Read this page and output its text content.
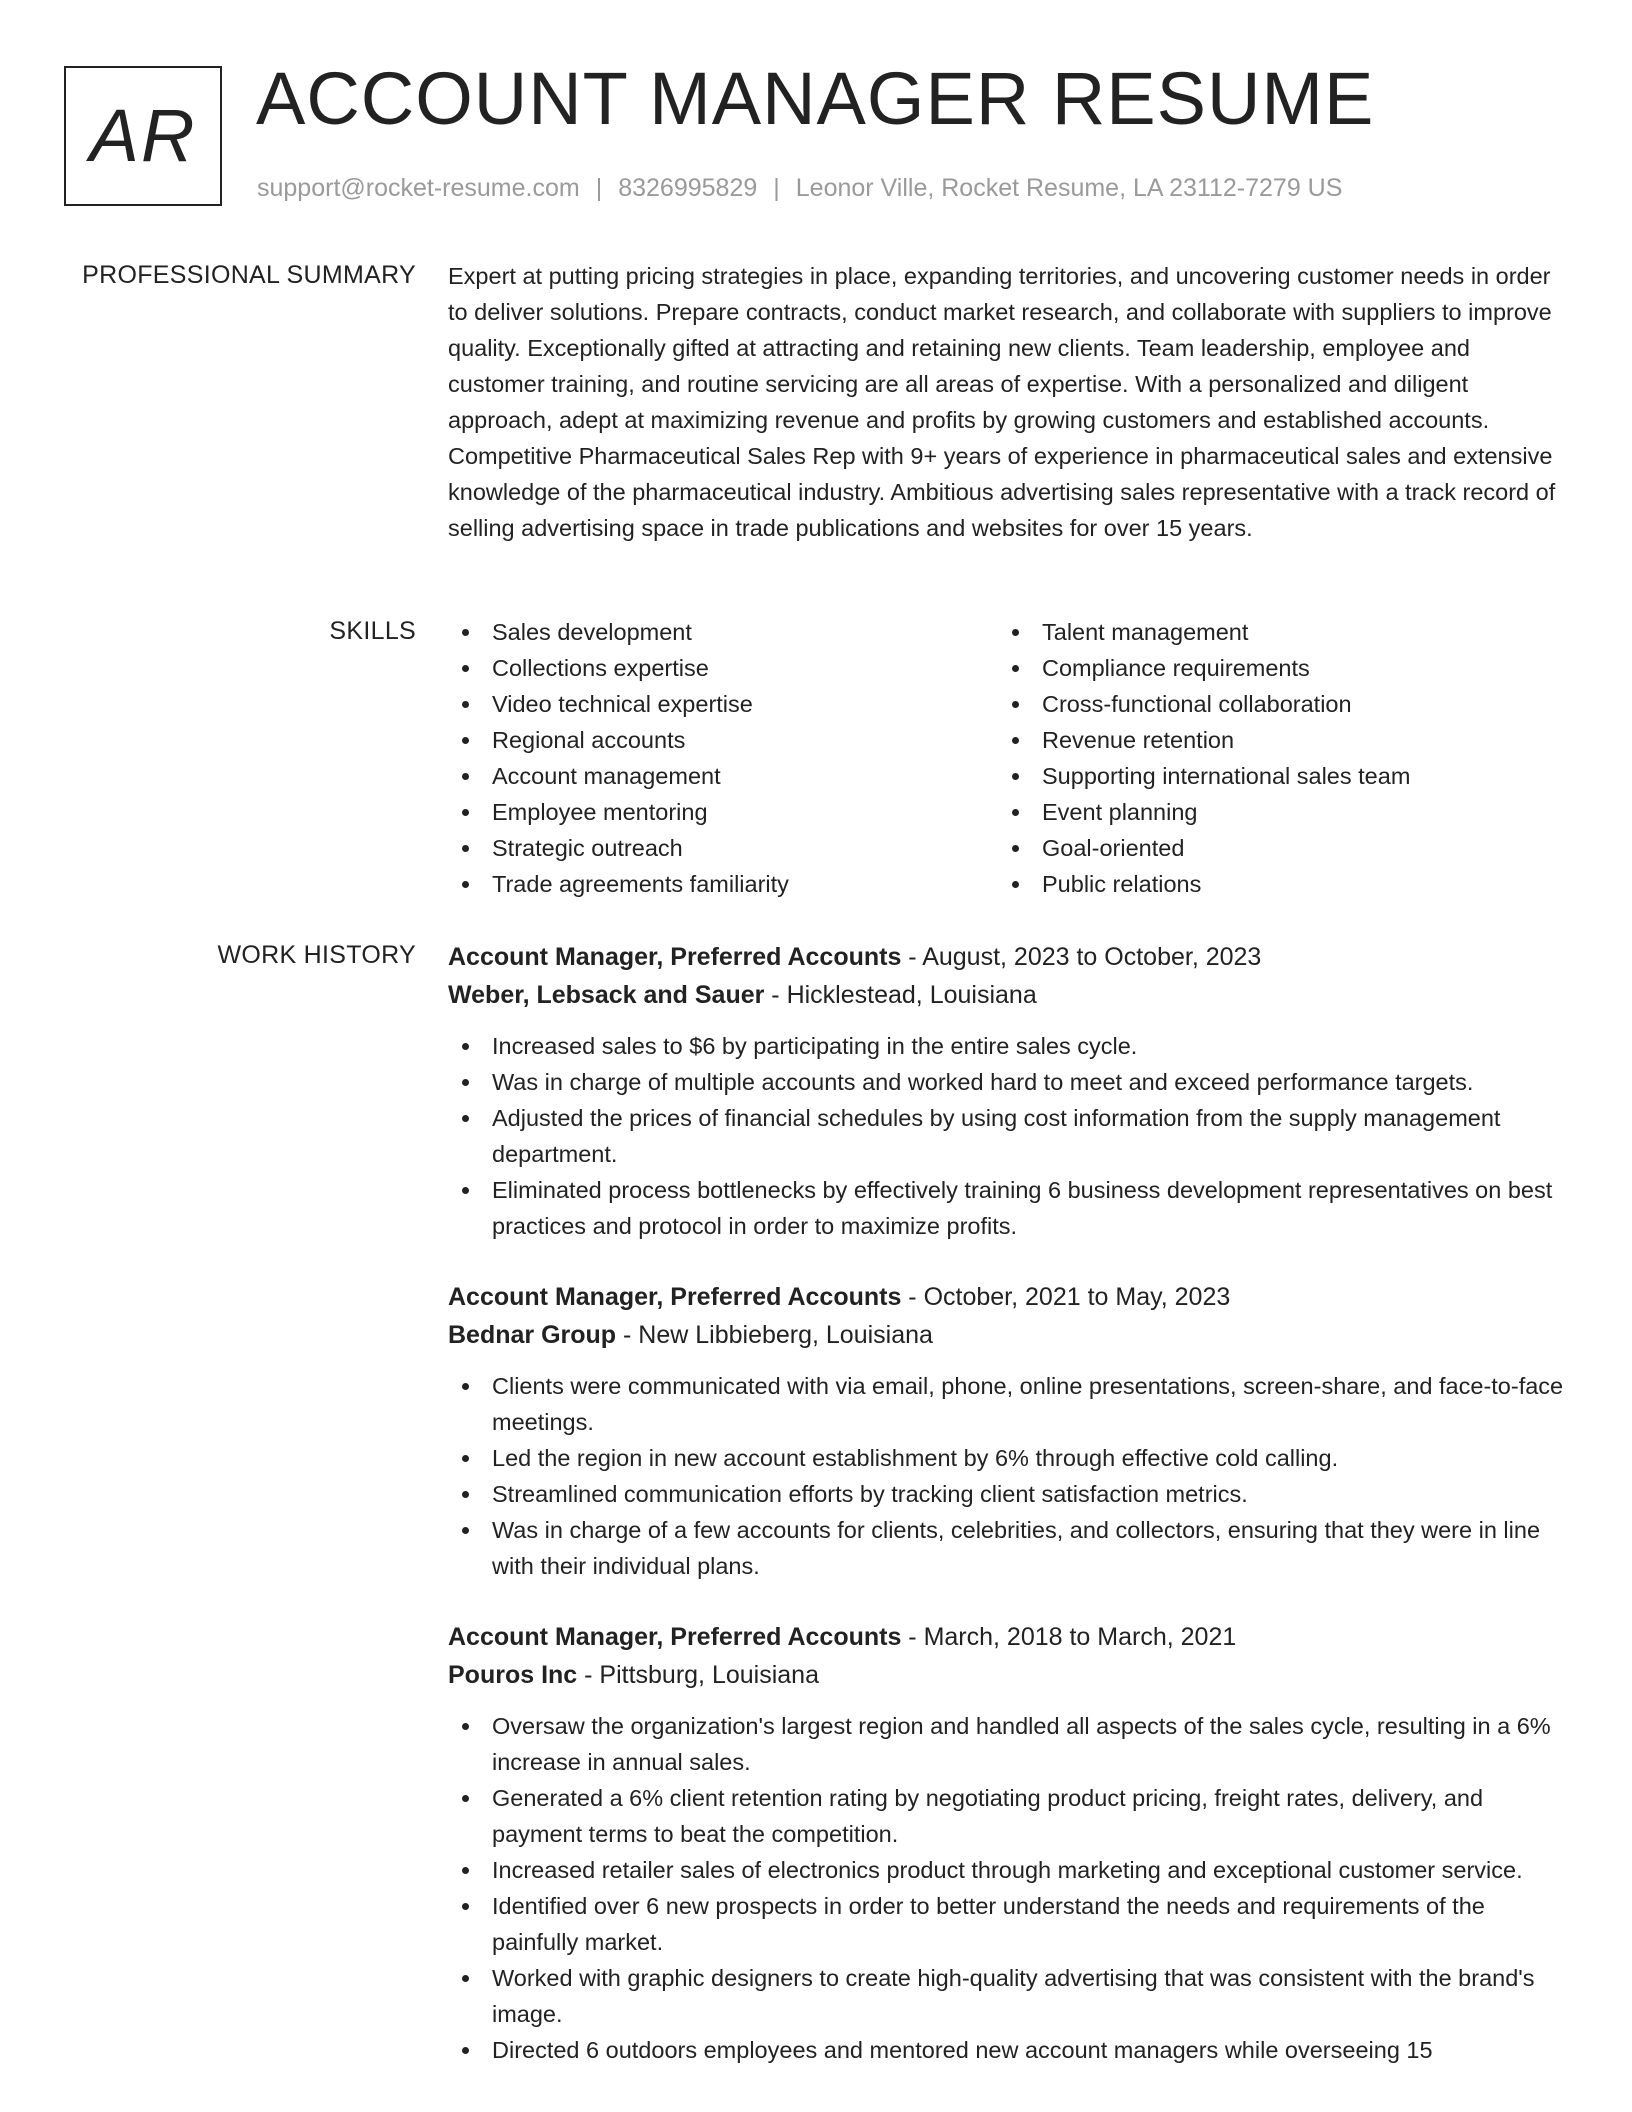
AR ACCOUNT MANAGER RESUME
support@rocket-resume.com | 8326995829 | Leonor Ville, Rocket Resume, LA 23112-7279 US
PROFESSIONAL SUMMARY Expert at putting pricing strategies in place, expanding territories, and uncovering customer needs in order to deliver solutions. Prepare contracts, conduct market research, and collaborate with suppliers to improve quality. Exceptionally gifted at attracting and retaining new clients. Team leadership, employee and customer training, and routine servicing are all areas of expertise. With a personalized and diligent approach, adept at maximizing revenue and profits by growing customers and established accounts. Competitive Pharmaceutical Sales Rep with 9+ years of experience in pharmaceutical sales and extensive knowledge of the pharmaceutical industry. Ambitious advertising sales representative with a track record of selling advertising space in trade publications and websites for over 15 years.

SKILLS	Sales development
Collections expertise
Video technical expertise
Regional accounts
Account management
Employee mentoring
Strategic outreach
Trade agreements familiarity
Talent management
Compliance requirements
Cross-functional collaboration
Revenue retention
Supporting international sales team
Event planning
Goal-oriented
Public relations
WORK HISTORY Account Manager, Preferred Accounts - August, 2023 to October, 2023
Weber, Lebsack and Sauer - Hicklestead, Louisiana
Increased sales to $6 by participating in the entire sales cycle.
Was in charge of multiple accounts and worked hard to meet and exceed performance targets.
Adjusted the prices of financial schedules by using cost information from the supply management department.
Eliminated process bottlenecks by effectively training 6 business development representatives on best practices and protocol in order to maximize profits.
Account Manager, Preferred Accounts - October, 2021 to May, 2023
Bednar Group - New Libbieberg, Louisiana
Clients were communicated with via email, phone, online presentations, screen-share, and face-to-face meetings.
Led the region in new account establishment by 6% through effective cold calling.
Streamlined communication efforts by tracking client satisfaction metrics.
Was in charge of a few accounts for clients, celebrities, and collectors, ensuring that they were in line with their individual plans.
Account Manager, Preferred Accounts - March, 2018 to March, 2021
Pouros Inc - Pittsburg, Louisiana
Oversaw the organization's largest region and handled all aspects of the sales cycle, resulting in a 6% increase in annual sales.
Generated a 6% client retention rating by negotiating product pricing, freight rates, delivery, and payment terms to beat the competition.
Increased retailer sales of electronics product through marketing and exceptional customer service.
Identified over 6 new prospects in order to better understand the needs and requirements of the painfully market.
Worked with graphic designers to create high-quality advertising that was consistent with the brand's image.
Directed 6 outdoors employees and mentored new account managers while overseeing 15
